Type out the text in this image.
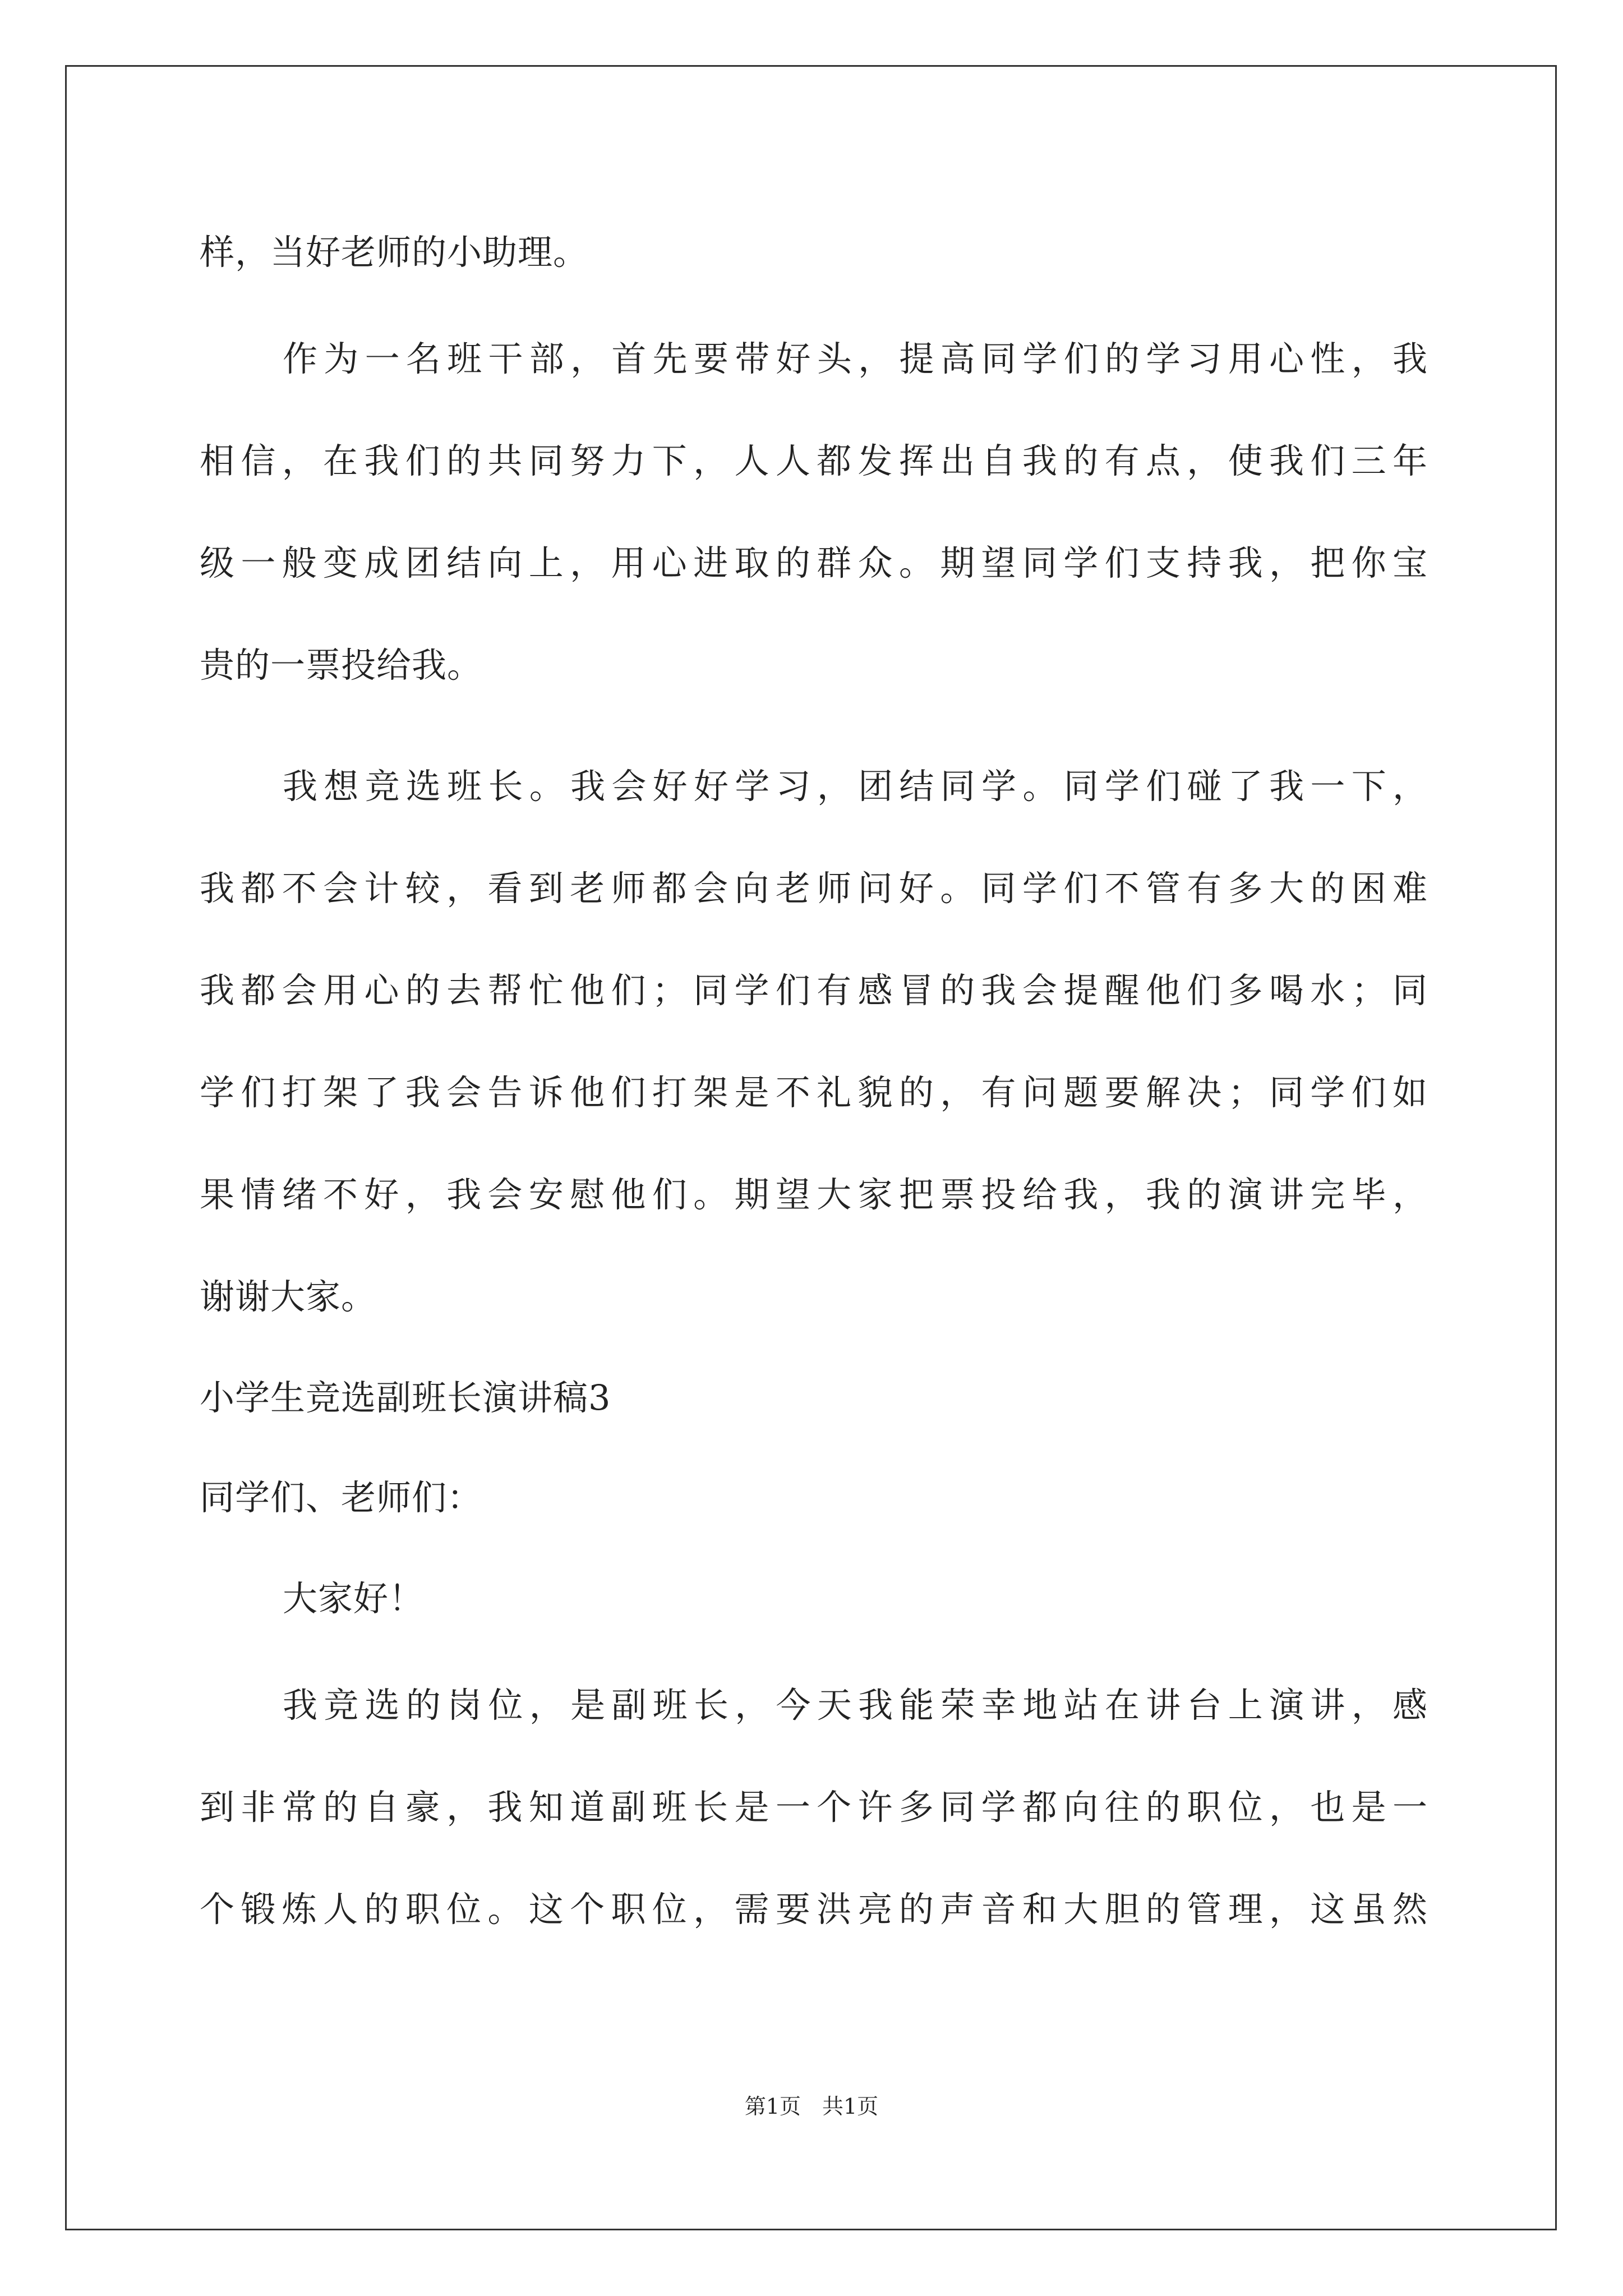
样，当好老师的小助理。
作为一名班干部，首先要带好头，提高同学们的学习用心性，我
相信，在我们的共同努力下，人人都发挥出自我的有点，使我们三年
级一般变成团结向上，用心进取的群众。期望同学们支持我，把你宝
贵的一票投给我。
我想竞选班长。我会好好学习，团结同学。同学们碰了我一下，
我都不会计较，看到老师都会向老师问好。同学们不管有多大的困难
我都会用心的去帮忙他们；同学们有感冒的我会提醒他们多喝水；同
学们打架了我会告诉他们打架是不礼貌的，有问题要解决；同学们如
果情绪不好，我会安慰他们。期望大家把票投给我，我的演讲完毕，
谢谢大家。
小学生竞选副班长演讲稿3
同学们、老师们：
大家好！
我竞选的岗位，是副班长，今天我能荣幸地站在讲台上演讲，感
到非常的自豪，我知道副班长是一个许多同学都向往的职位，也是一
个锻炼人的职位。这个职位，需要洪亮的声音和大胆的管理，这虽然
第1页　共1页
